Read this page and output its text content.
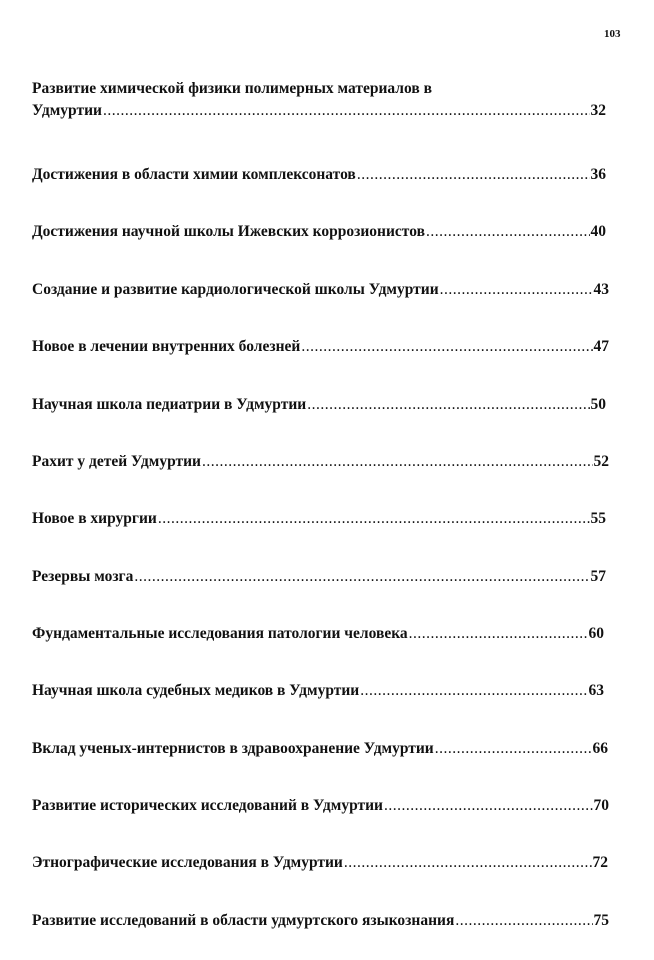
103
Развитие химической физики полимерных материалов в
Удмуртии .....	32
Достижения в области химии комплексонатов .....	36
Достижения научной школы Ижевских коррозионистов .....	40
Создание и развитие кардиологической школы Удмуртии .....	43
Новое в лечении внутренних болезней .....	47
Научная школа педиатрии в Удмуртии .....	50
Рахит у детей Удмуртии .....	52
Новое в хирургии .....	55
Резервы мозга .....	57
Фундаментальные исследования патологии человека .....	60
Научная школа судебных медиков в Удмуртии .....	63
Вклад ученых-интернистов в здравоохранение Удмуртии .....	66
Развитие исторических исследований в Удмуртии .....	70
Этнографические исследования в Удмуртии .....	72
Развитие исследований в области удмуртского языкознания .....	75
